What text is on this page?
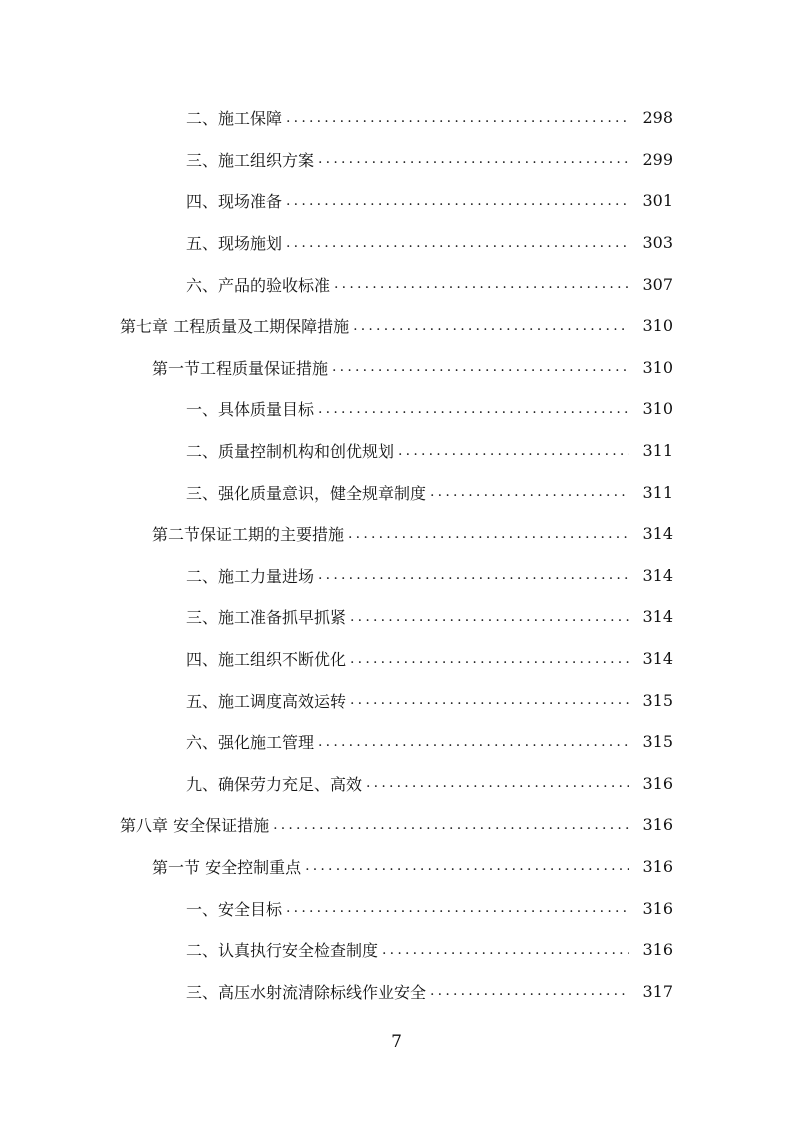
二、施工保障 .....	298
三、施工组织方案 .....	299
四、现场准备 .....	301
五、现场施划 .....	303
六、产品的验收标准 .....	307
第七章 工程质量及工期保障措施 .....	310
第一节工程质量保证措施 .....	310
一、具体质量目标 .....	310
二、质量控制机构和创优规划 .....	311
三、强化质量意识，健全规章制度 .....	311
第二节保证工期的主要措施 .....	314
二、施工力量进场 .....	314
三、施工准备抓早抓紧 .....	314
四、施工组织不断优化 .....	314
五、施工调度高效运转 .....	315
六、强化施工管理 .....	315
九、确保劳力充足、高效 .....	316
第八章 安全保证措施 .....	316
第一节 安全控制重点 .....	316
一、安全目标 .....	316
二、认真执行安全检查制度 .....	316
三、高压水射流清除标线作业安全 .....	317
7
